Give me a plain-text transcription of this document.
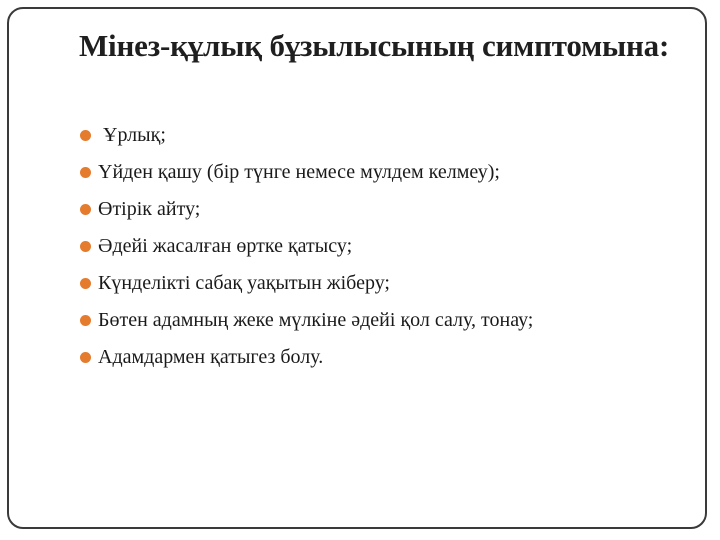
Мінез-құлық бұзылысының симптомына:
Ұрлық;
Үйден қашу (бір түнге немесе мулдем келмеу);
Өтірік айту;
Әдейі жасалған өртке қатысу;
Күнделікті сабақ уақытын жіберу;
Бөтен адамның жеке мүлкіне әдейі қол салу, тонау;
Адамдармен қатыгез болу.
